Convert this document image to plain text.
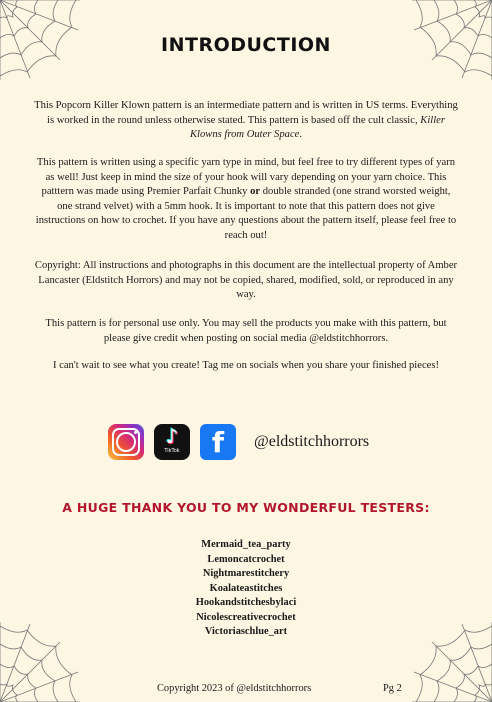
INTRODUCTION
This Popcorn Killer Klown pattern is an intermediate pattern and is written in US terms. Everything is worked in the round unless otherwise stated. This pattern is based off the cult classic, Killer Klowns from Outer Space.
This pattern is written using a specific yarn type in mind, but feel free to try different types of yarn as well! Just keep in mind the size of your hook will vary depending on your yarn choice. This patttern was made using Premier Parfait Chunky or double stranded (one strand worsted weight, one strand velvet) with a 5mm hook. It is important to note that this pattern does not give instructions on how to crochet. If you have any questions about the pattern itself, please feel free to reach out!
Copyright: All instructions and photographs in this document are the intellectual property of Amber Lancaster (Eldstitch Horrors) and may not be copied, shared, modified, sold, or reproduced in any way.
This pattern is for personal use only. You may sell the products you make with this pattern, but please give credit when posting on social media @eldstitchhorrors.
I can't wait to see what you create! Tag me on socials when you share your finished pieces!
♪
TikTok	f	@eldstitchhorrors
A HUGE THANK YOU TO MY WONDERFUL TESTERS:
Mermaid_tea_party
Lemoncatcrochet
Nightmarestitchery
Koalateastitches
Hookandstitchesbylaci
Nicolescreativecrochet
Victoriaschlue_art
Copyright 2023 of @eldstitchhorrors	Pg 2
